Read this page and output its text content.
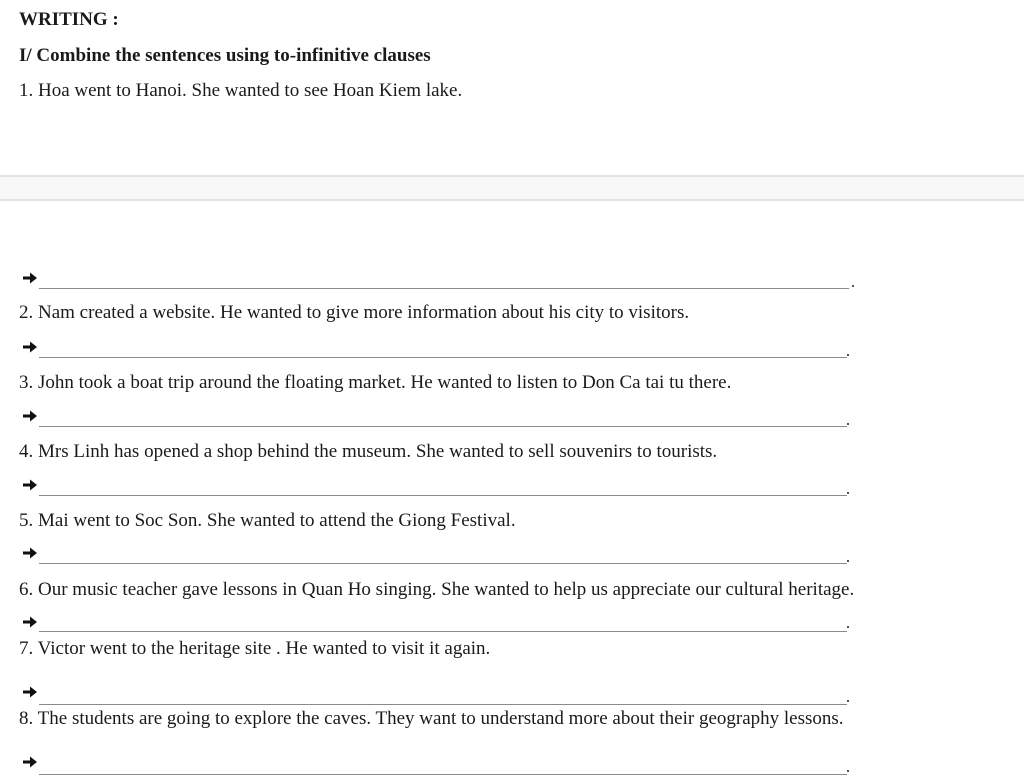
WRITING :
I/ Combine the sentences using to-infinitive clauses
1. Hoa went to Hanoi. She wanted to see Hoan Kiem lake.
2. Nam created a website. He wanted to give more information about his city to visitors.
3. John took a boat trip around the floating market. He wanted to listen to Don Ca tai tu there.
4. Mrs Linh has opened a shop behind the museum. She wanted to sell souvenirs to tourists.
5. Mai went to Soc Son. She wanted to attend the Giong Festival.
6. Our music teacher gave lessons in Quan Ho singing. She wanted to help us appreciate our cultural heritage.
7. Victor went to the heritage site . He wanted to visit it again.
8. The students are going to explore the caves. They want to understand more about their geography lessons.
